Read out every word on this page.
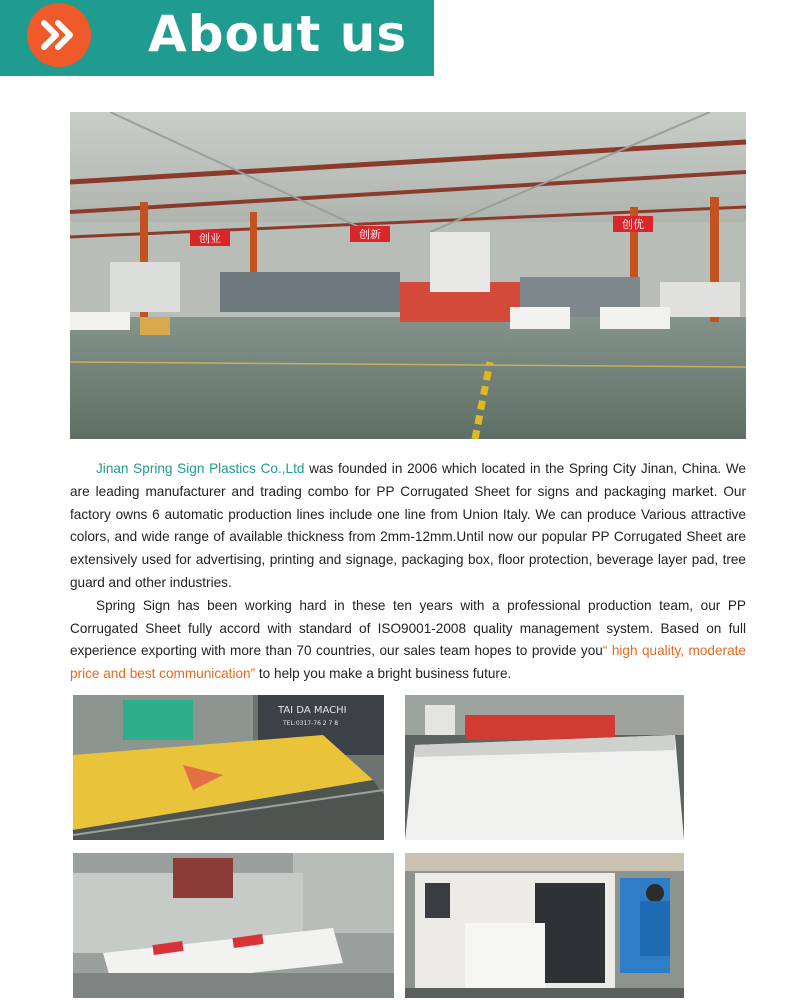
About us
创业	创新
创优

Jinan Spring Sign Plastics Co.,Ltd was founded in 2006 which located in the Spring City Jinan, China. We are leading manufacturer and trading combo for PP Corrugated Sheet for signs and packaging market. Our factory owns 6 automatic production lines include one line from Union Italy. We can produce Various attractive colors, and wide range of available thickness from 2mm-12mm.Until now our popular PP Corrugated Sheet are extensively used for advertising, printing and signage, packaging box, floor protection, beverage layer pad, tree guard and other industries.

Spring Sign has been working hard in these ten years with a professional production team, our PP Corrugated Sheet fully accord with standard of ISO9001-2008 quality management system. Based on full experience exporting with more than 70 countries, our sales team hopes to provide you“ high quality, moderate price and best communication” to help you make a bright business future.

TAI DA MACHI
TEL:0317-76 2 7 8
